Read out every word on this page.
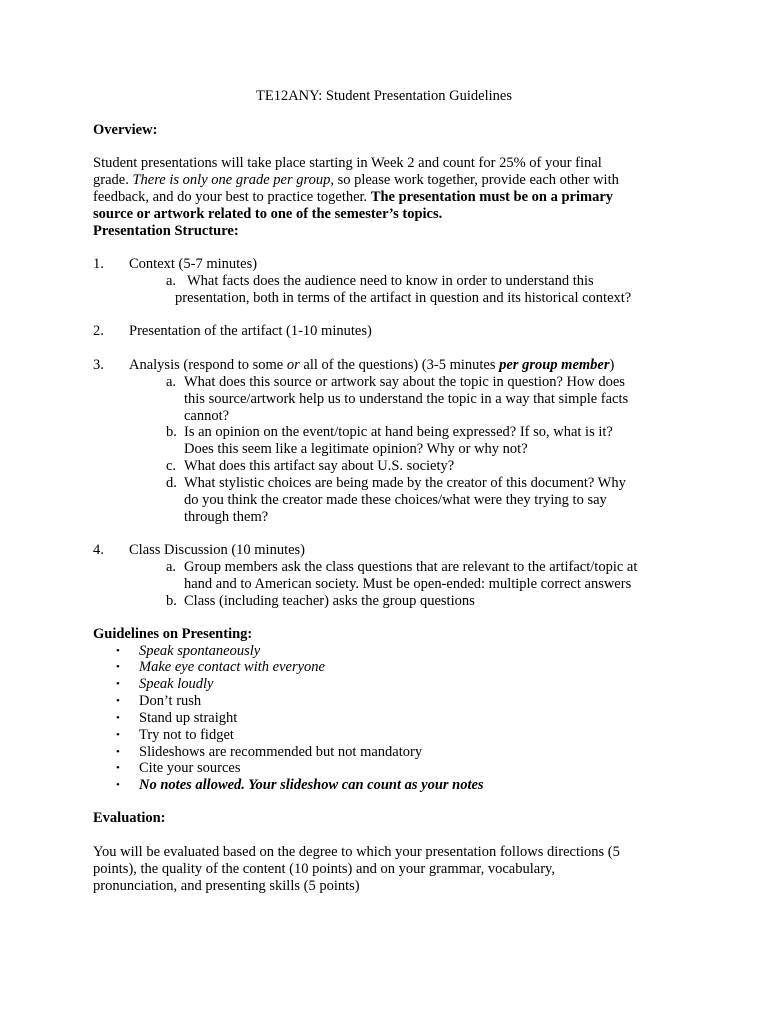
TE12ANY: Student Presentation Guidelines
Overview:
Student presentations will take place starting in Week 2 and count for 25% of your final
grade. There is only one grade per group, so please work together, provide each other with
feedback, and do your best to practice together. The presentation must be on a primary
source or artwork related to one of the semester’s topics.
Presentation Structure:
1. Context (5-7 minutes)
a. What facts does the audience need to know in order to understand this
presentation, both in terms of the artifact in question and its historical context?
2. Presentation of the artifact (1-10 minutes)
3. Analysis (respond to some or all of the questions) (3-5 minutes per group member)
a. What does this source or artwork say about the topic in question? How does
this source/artwork help us to understand the topic in a way that simple facts
cannot?
b. Is an opinion on the event/topic at hand being expressed? If so, what is it?
Does this seem like a legitimate opinion? Why or why not?
c. What does this artifact say about U.S. society?
d. What stylistic choices are being made by the creator of this document? Why
do you think the creator made these choices/what were they trying to say
through them?
4. Class Discussion (10 minutes)
a. Group members ask the class questions that are relevant to the artifact/topic at
hand and to American society. Must be open-ended: multiple correct answers
b. Class (including teacher) asks the group questions
Guidelines on Presenting:
• Speak spontaneously
• Make eye contact with everyone
• Speak loudly
• Don’t rush
• Stand up straight
• Try not to fidget
• Slideshows are recommended but not mandatory
• Cite your sources
• No notes allowed. Your slideshow can count as your notes
Evaluation:
You will be evaluated based on the degree to which your presentation follows directions (5
points), the quality of the content (10 points) and on your grammar, vocabulary,
pronunciation, and presenting skills (5 points)
